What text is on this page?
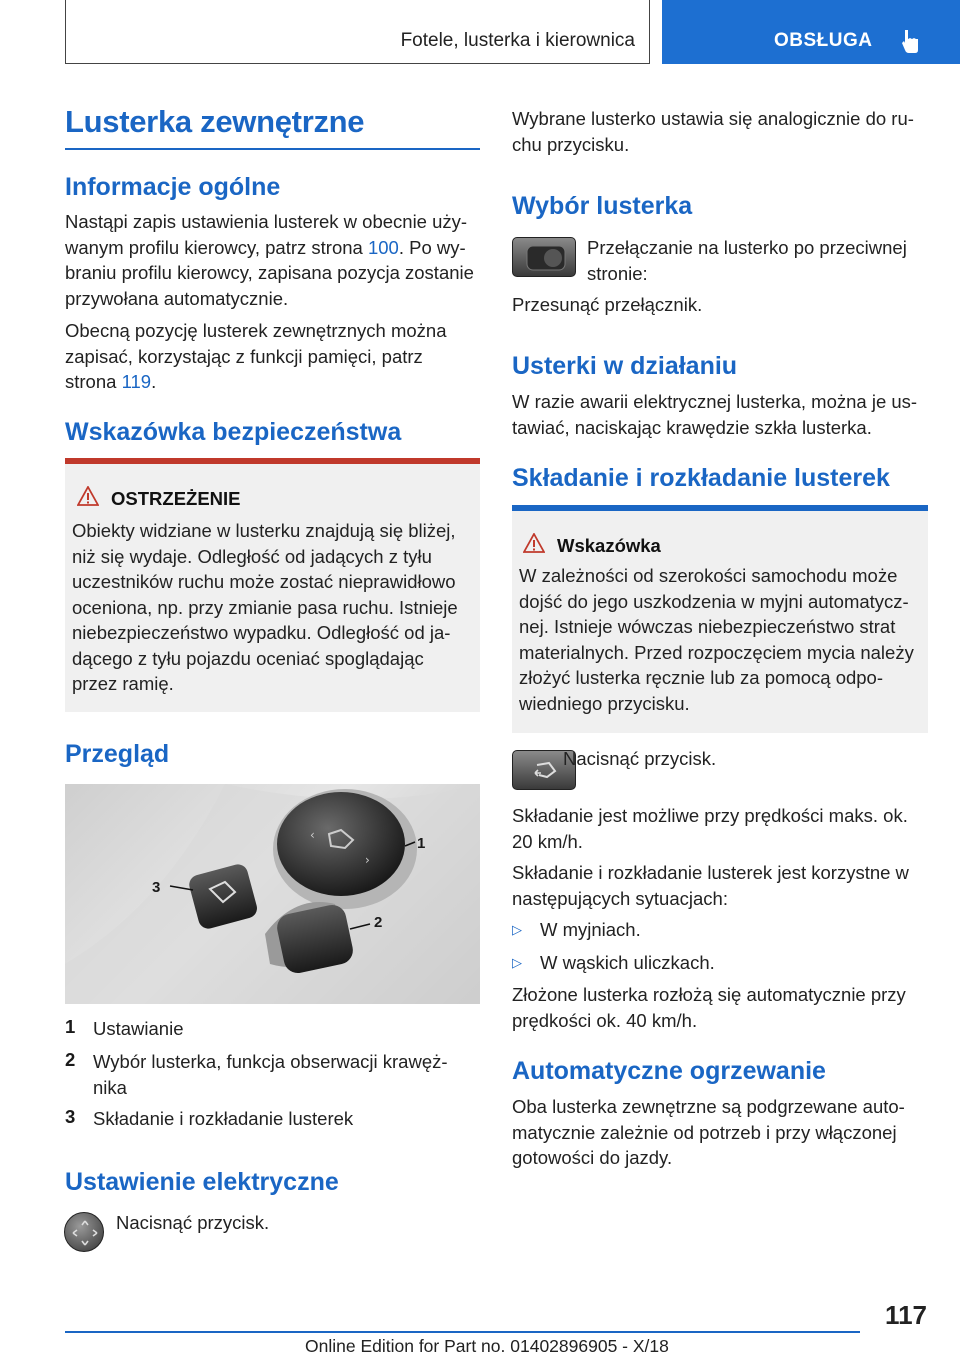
Fotele, lusterka i kierownica	OBSŁUGA
Lusterka zewnętrzne
Informacje ogólne
Nastąpi zapis ustawienia lusterek w obecnie uży-
wanym profilu kierowcy, patrz strona 100. Po wy-
braniu profilu kierowcy, zapisana pozycja zostanie
przywołana automatycznie.
Obecną pozycję lusterek zewnętrznych można
zapisać, korzystając z funkcji pamięci, patrz
strona 119.
Wskazówka bezpieczeństwa
OSTRZEŻENIE
Obiekty widziane w lusterku znajdują się bliżej,
niż się wydaje. Odległość od jadących z tyłu
uczestników ruchu może zostać nieprawidłowo
oceniona, np. przy zmianie pasa ruchu. Istnieje
niebezpieczeństwo wypadku. Odległość od ja-
dącego z tyłu pojazdu oceniać spoglądając
przez ramię.
Przegląd
‹
›
1
2
3
1 Ustawianie
2 Wybór lusterka, funkcja obserwacji krawęż-
nika
3 Składanie i rozkładanie lusterek
Ustawienie elektryczne
Nacisnąć przycisk.
Wybrane lusterko ustawia się analogicznie do ru-
chu przycisku.
Wybór lusterka
Przełączanie na lusterko po przeciwnej
stronie:
Przesunąć przełącznik.
Usterki w działaniu
W razie awarii elektrycznej lusterka, można je us-
tawiać, naciskając krawędzie szkła lusterka.
Składanie i rozkładanie lusterek
Wskazówka
W zależności od szerokości samochodu może
dojść do jego uszkodzenia w myjni automatycz-
nej. Istnieje wówczas niebezpieczeństwo strat
materialnych. Przed rozpoczęciem mycia należy
złożyć lusterka ręcznie lub za pomocą odpo-
wiedniego przycisku.
Nacisnąć przycisk.
Składanie jest możliwe przy prędkości maks. ok.
20 km/h.
Składanie i rozkładanie lusterek jest korzystne w
następujących sytuacjach:
▷ W myjniach.
▷ W wąskich uliczkach.
Złożone lusterka rozłożą się automatycznie przy
prędkości ok. 40 km/h.
Automatyczne ogrzewanie
Oba lusterka zewnętrzne są podgrzewane auto-
matycznie zależnie od potrzeb i przy włączonej
gotowości do jazdy.
117
Online Edition for Part no. 01402896905 - X/18
